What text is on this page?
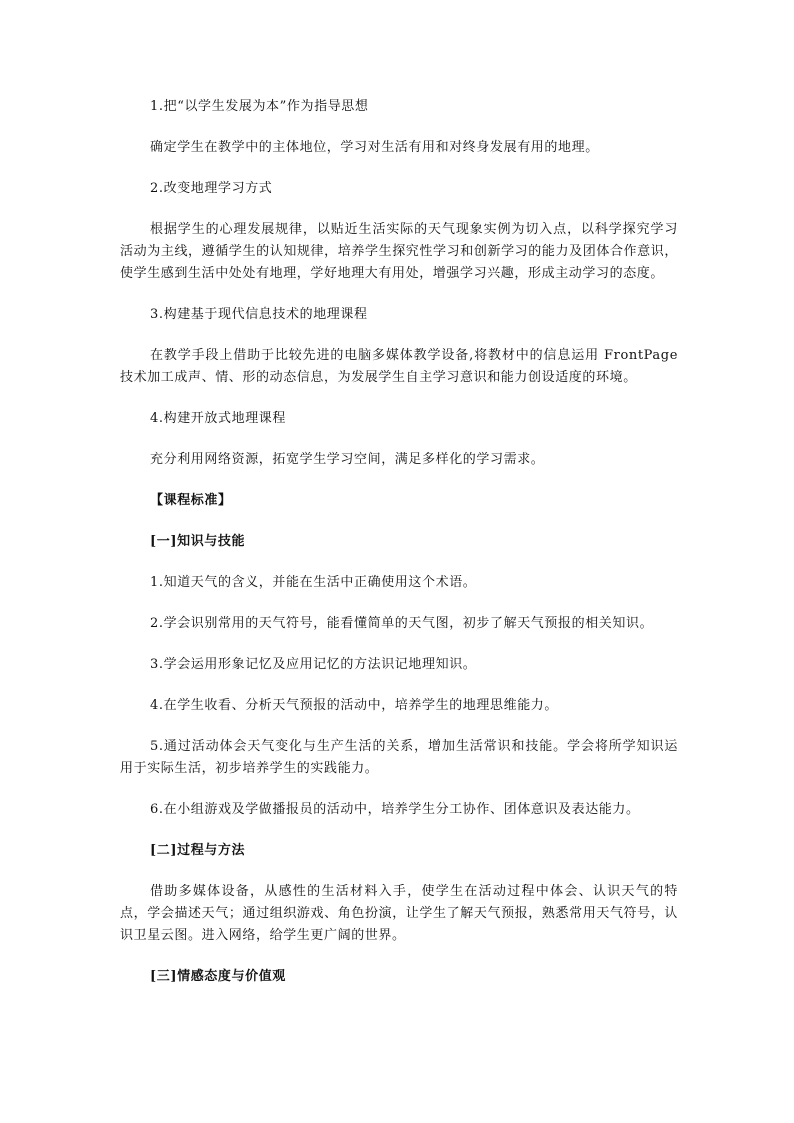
1.把“以学生发展为本”作为指导思想

确定学生在教学中的主体地位，学习对生活有用和对终身发展有用的地理。

2.改变地理学习方式

根据学生的心理发展规律，以贴近生活实际的天气现象实例为切入点，以科学探究学习活动为主线，遵循学生的认知规律，培养学生探究性学习和创新学习的能力及团体合作意识，使学生感到生活中处处有地理，学好地理大有用处，增强学习兴趣，形成主动学习的态度。

3.构建基于现代信息技术的地理课程

在教学手段上借助于比较先进的电脑多媒体教学设备,将教材中的信息运用 FrontPage 技术加工成声、情、形的动态信息，为发展学生自主学习意识和能力创设适度的环境。

4.构建开放式地理课程

充分利用网络资源，拓宽学生学习空间，满足多样化的学习需求。

【课程标准】

[一]知识与技能

1.知道天气的含义，并能在生活中正确使用这个术语。

2.学会识别常用的天气符号，能看懂简单的天气图，初步了解天气预报的相关知识。

3.学会运用形象记忆及应用记忆的方法识记地理知识。

4.在学生收看、分析天气预报的活动中，培养学生的地理思维能力。

5.通过活动体会天气变化与生产生活的关系，增加生活常识和技能。学会将所学知识运用于实际生活，初步培养学生的实践能力。

6.在小组游戏及学做播报员的活动中，培养学生分工协作、团体意识及表达能力。

[二]过程与方法

借助多媒体设备，从感性的生活材料入手，使学生在活动过程中体会、认识天气的特点，学会描述天气；通过组织游戏、角色扮演，让学生了解天气预报，熟悉常用天气符号，认识卫星云图。进入网络，给学生更广阔的世界。

[三]情感态度与价值观
